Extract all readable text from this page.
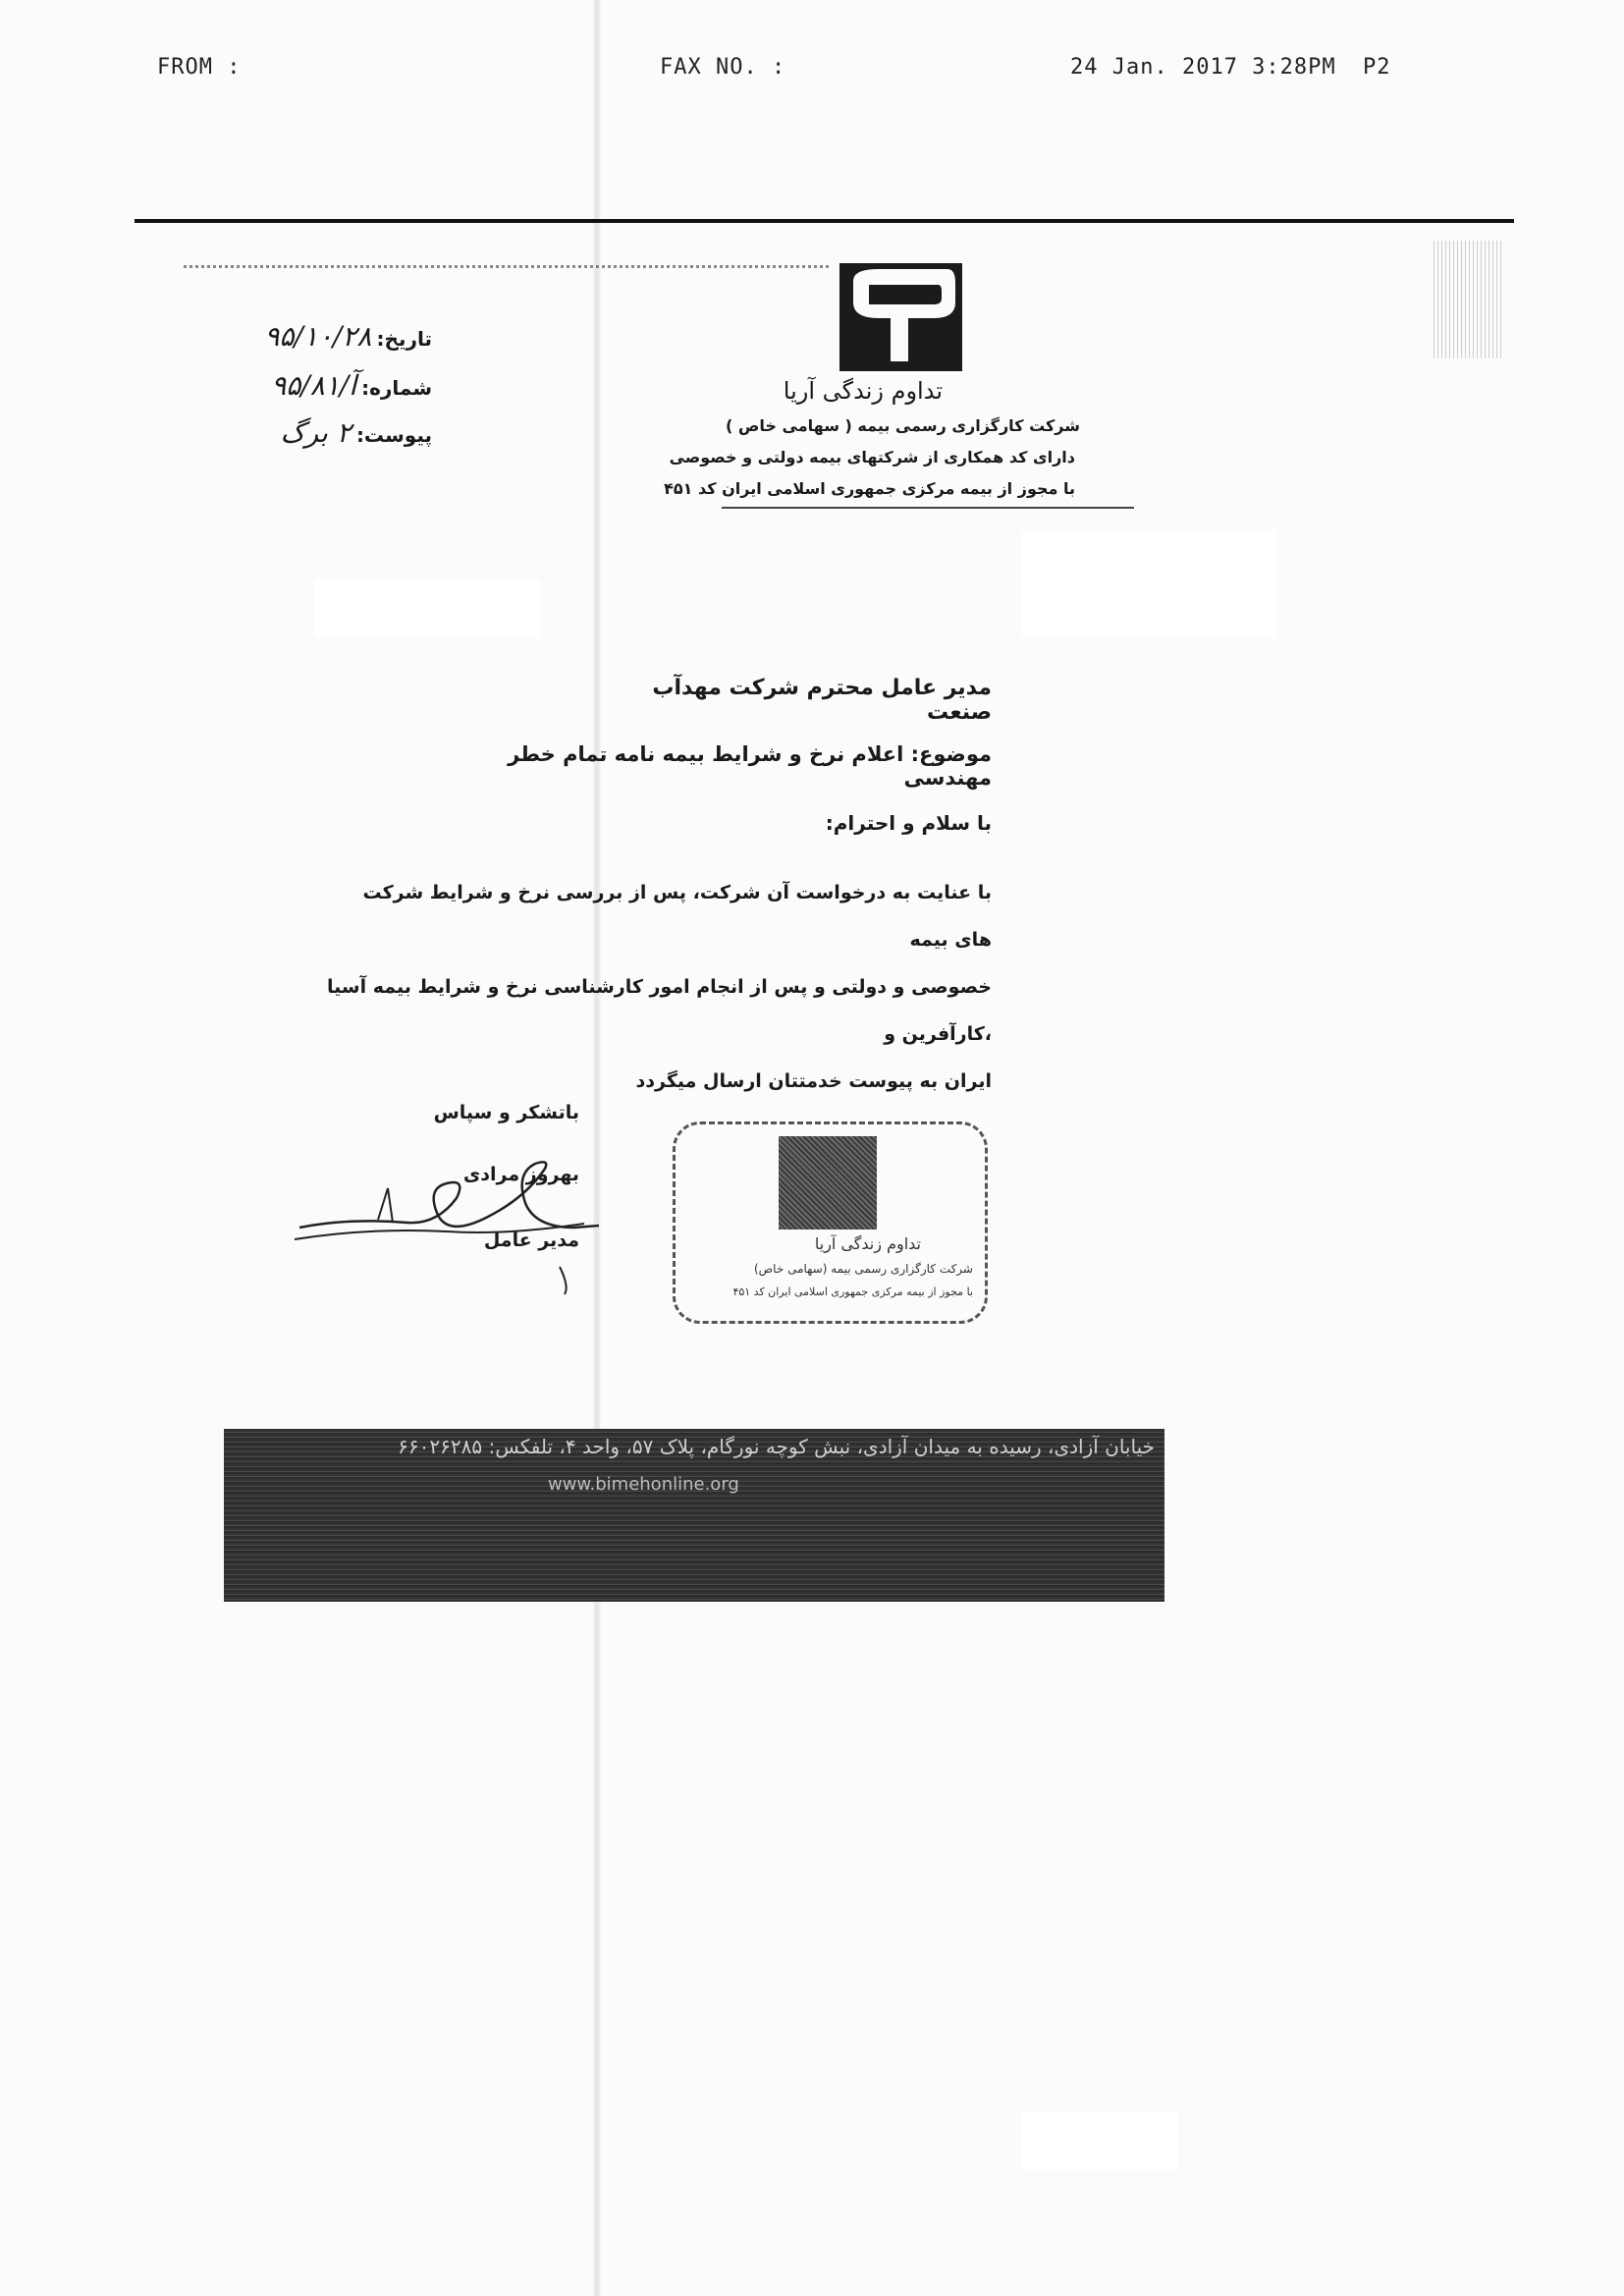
FROM :	FAX NO. :	24 Jan. 2017 3:28PM P2
تداوم زندگی آریا
شرکت کارگزاری رسمی بیمه ( سهامی خاص )
دارای کد همکاری از شرکتهای بیمه دولتی و خصوصی
با مجوز از بیمه مرکزی جمهوری اسلامی ایران کد ۴۵۱
تاریخ: ۹۵/۱۰/۲۸
شماره: آ/۹۵/۸۱
پیوست: ۲ برگ
مدیر عامل محترم شرکت مهدآب صنعت
موضوع: اعلام نرخ و شرایط بیمه نامه تمام خطر مهندسی
با سلام و احترام:
با عنایت به درخواست آن شرکت، پس از بررسی نرخ و شرایط شرکت های بیمه
خصوصی و دولتی و پس از انجام امور کارشناسی نرخ و شرایط بیمه آسیا ،کارآفرین و
ایران به پیوست خدمتتان ارسال میگردد
باتشکر و سپاس
بهروز مرادی
مدیر عامل	تداوم زندگی آریا
شرکت کارگزاری رسمی بیمه (سهامی خاص)
با مجوز از بیمه مرکزی جمهوری اسلامی ایران کد ۴۵۱
خیابان آزادی، رسیده به میدان آزادی، نبش کوچه نورگام، پلاک ۵۷، واحد ۴، تلفکس: ۶۶۰۲۶۲۸۵
www.bimehonline.org
